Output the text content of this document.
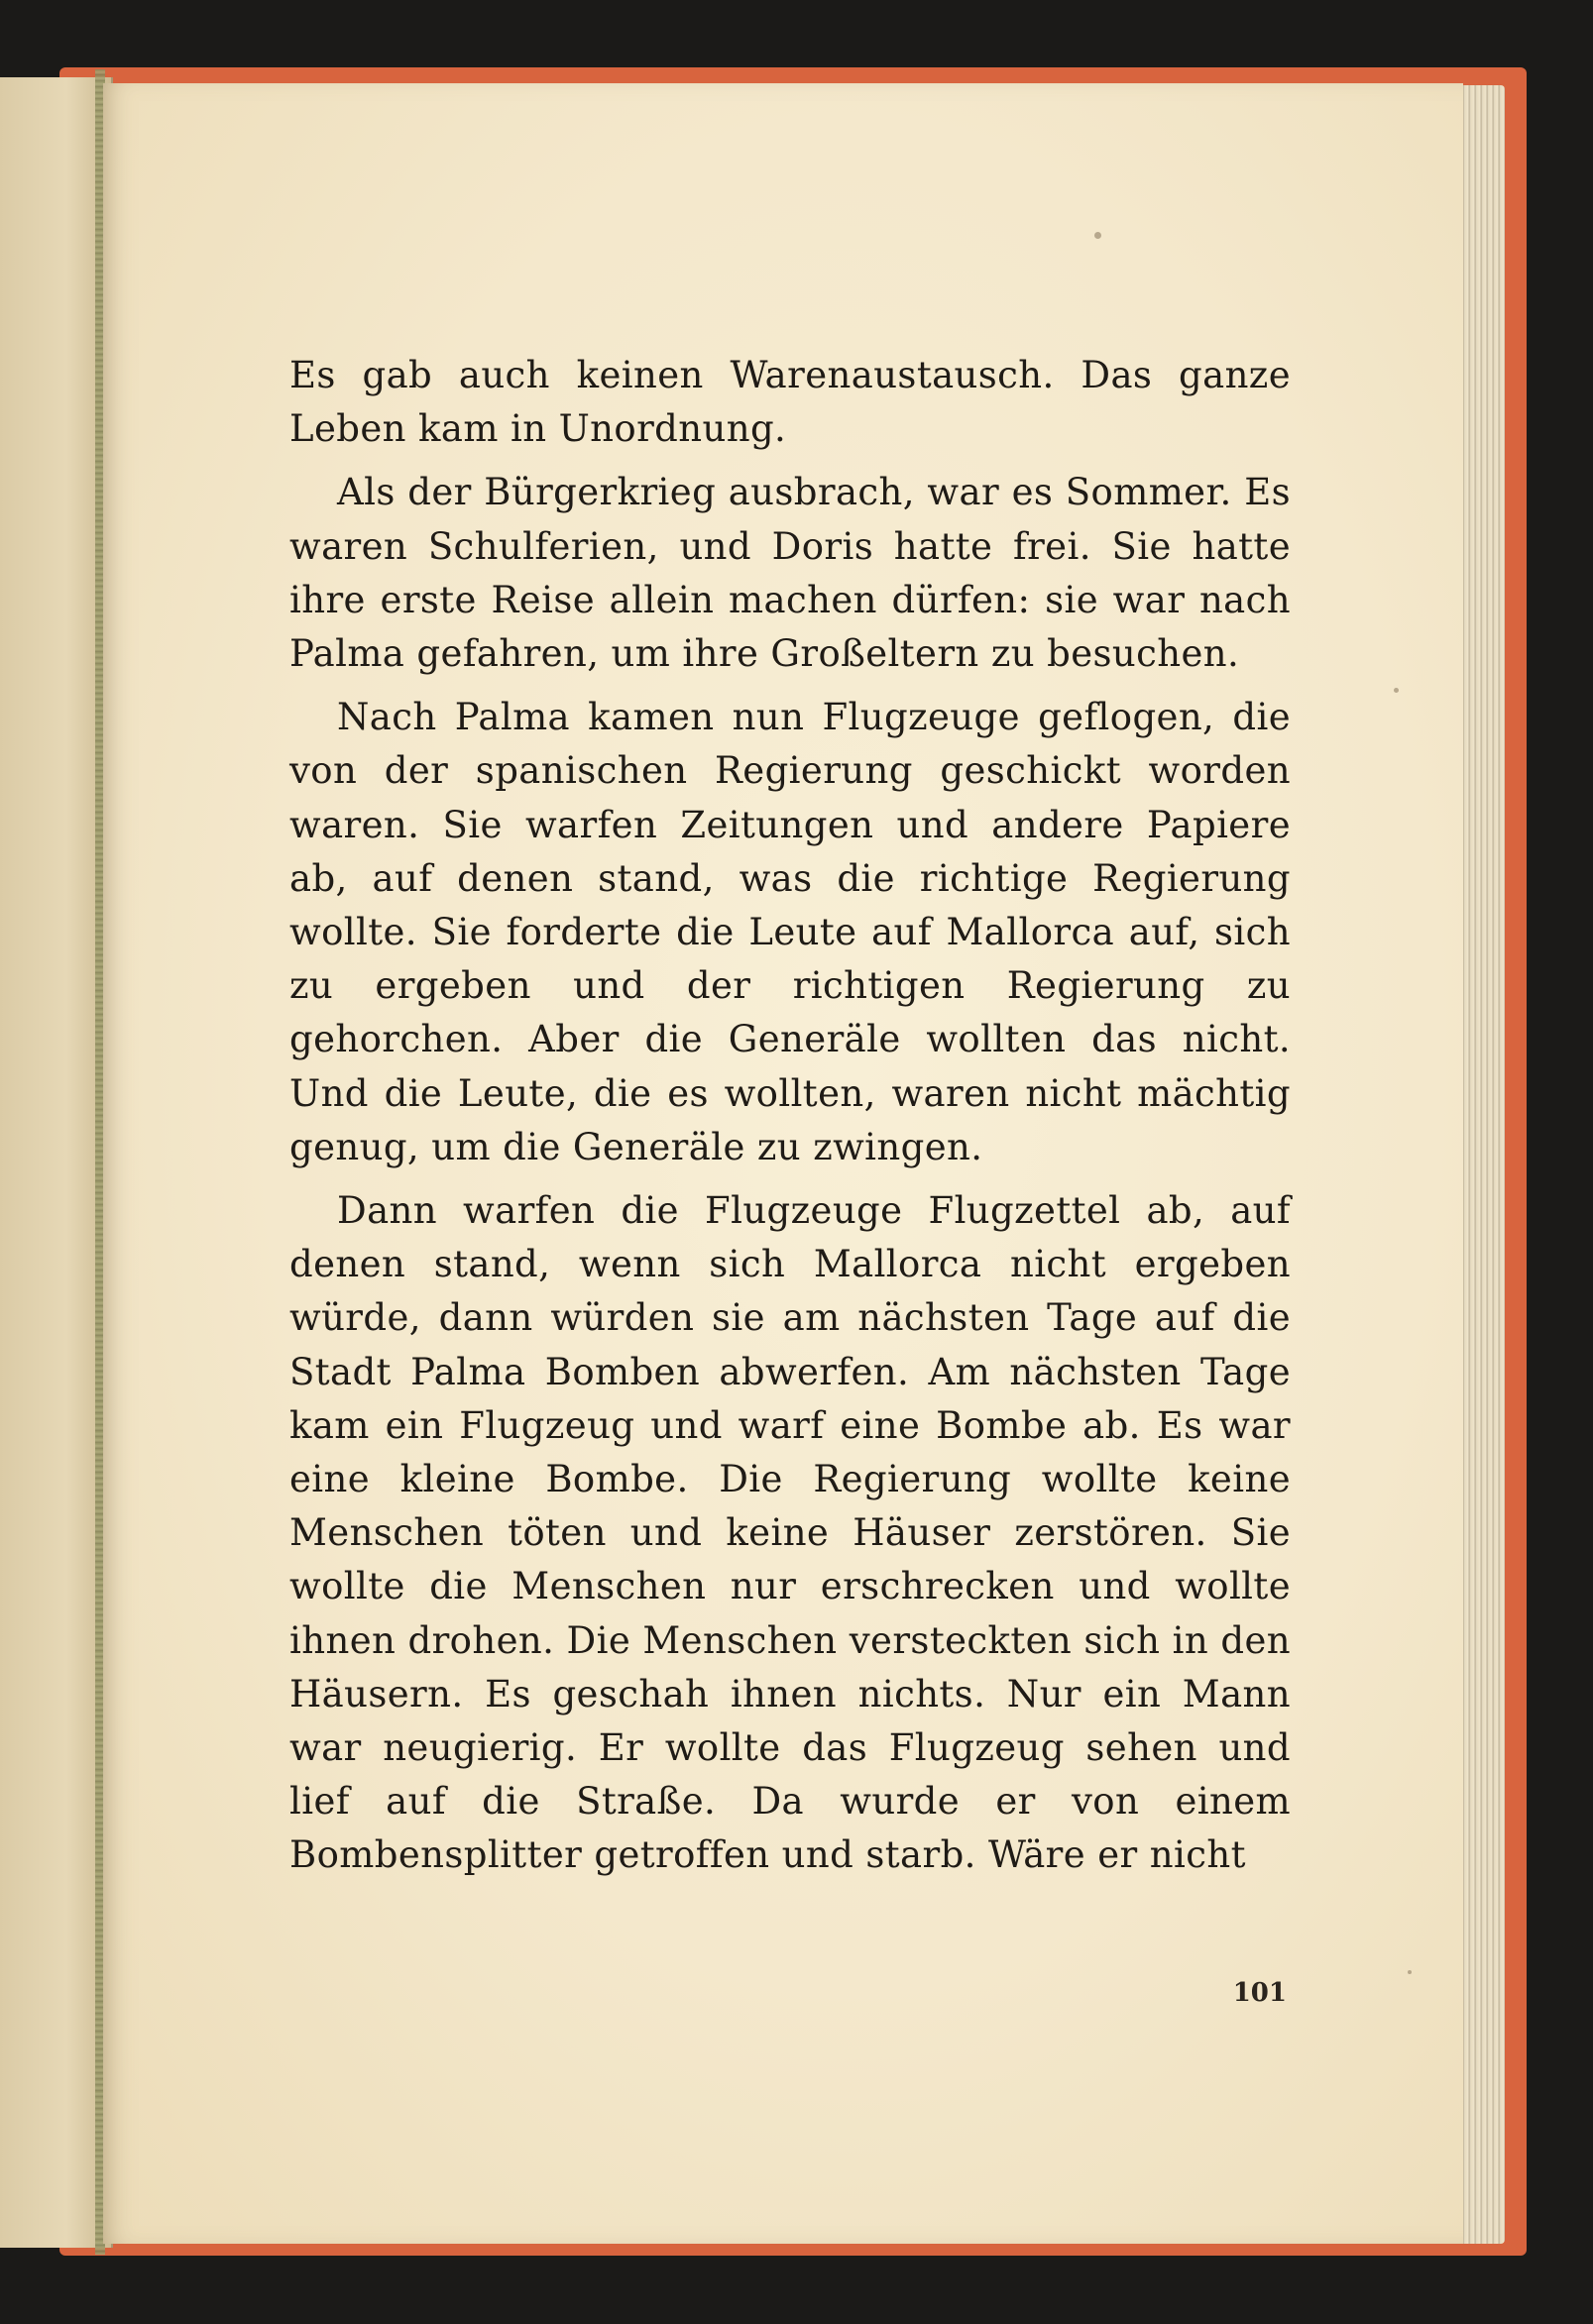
Es gab auch keinen Warenaustausch. Das ganze Leben kam in Unordnung.

Als der Bürgerkrieg ausbrach, war es Sommer. Es waren Schulferien, und Doris hatte frei. Sie hatte ihre erste Reise allein machen dürfen: sie war nach Palma gefahren, um ihre Großeltern zu besuchen.

Nach Palma kamen nun Flugzeuge geflogen, die von der spanischen Regierung geschickt worden waren. Sie warfen Zeitungen und andere Papiere ab, auf denen stand, was die richtige Regierung wollte. Sie forderte die Leute auf Mallorca auf, sich zu ergeben und der richtigen Regierung zu gehorchen. Aber die Generäle wollten das nicht. Und die Leute, die es wollten, waren nicht mächtig genug, um die Generäle zu zwingen.

Dann warfen die Flugzeuge Flugzettel ab, auf denen stand, wenn sich Mallorca nicht ergeben würde, dann würden sie am nächsten Tage auf die Stadt Palma Bomben abwerfen. Am nächsten Tage kam ein Flugzeug und warf eine Bombe ab. Es war eine kleine Bombe. Die Regierung wollte keine Menschen töten und keine Häuser zerstören. Sie wollte die Menschen nur erschrecken und wollte ihnen drohen. Die Menschen versteckten sich in den Häusern. Es geschah ihnen nichts. Nur ein Mann war neugierig. Er wollte das Flugzeug sehen und lief auf die Straße. Da wurde er von einem Bombensplitter getroffen und starb. Wäre er nicht

101
